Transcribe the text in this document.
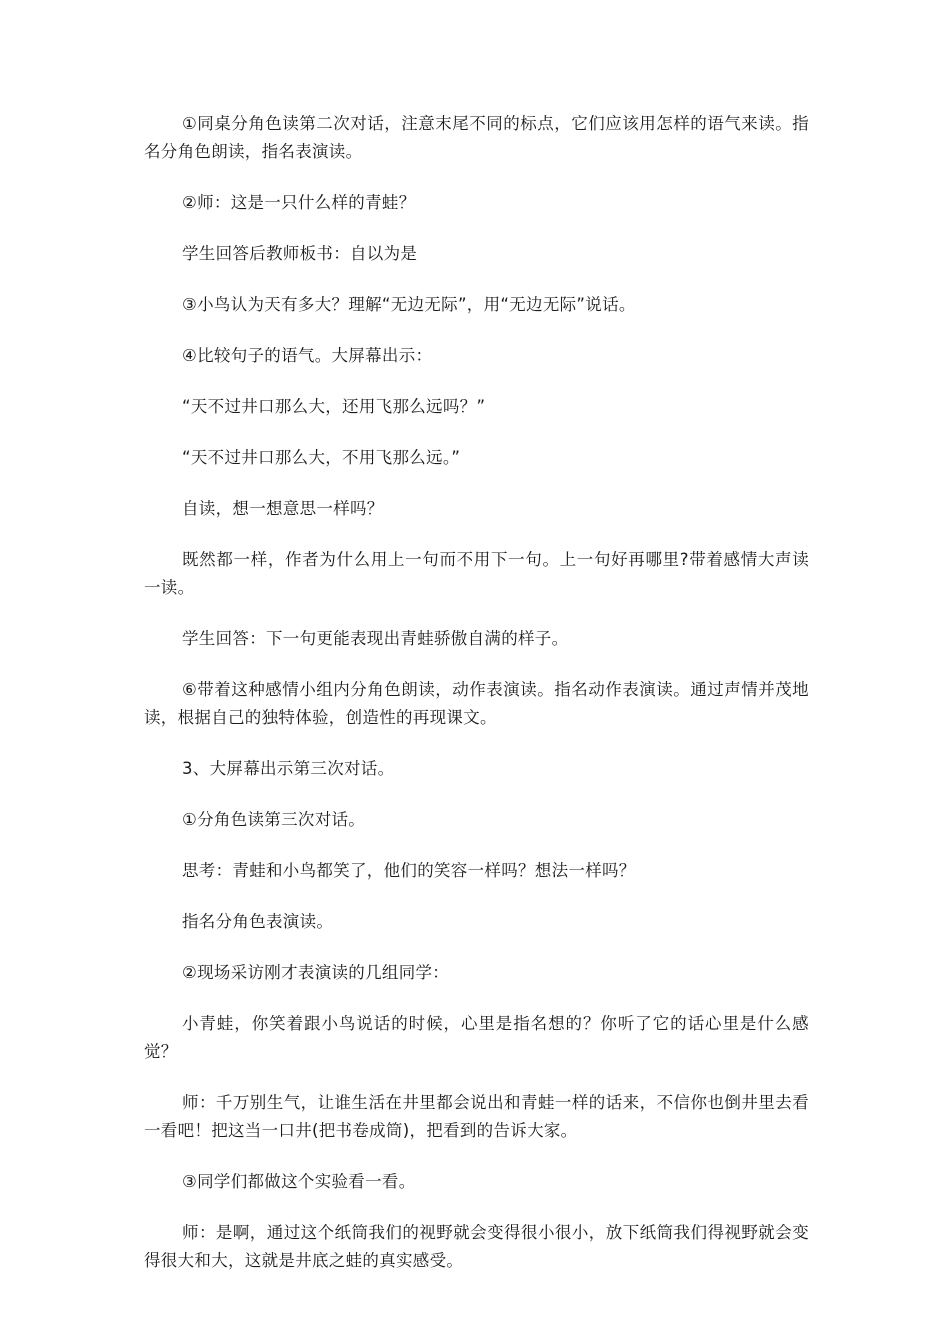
①同桌分角色读第二次对话，注意末尾不同的标点，它们应该用怎样的语气来读。指名分角色朗读，指名表演读。

②师：这是一只什么样的青蛙？

学生回答后教师板书：自以为是

③小鸟认为天有多大？理解“无边无际”，用“无边无际”说话。

④比较句子的语气。大屏幕出示：

“天不过井口那么大，还用飞那么远吗？”

“天不过井口那么大，不用飞那么远。”

自读，想一想意思一样吗？

既然都一样，作者为什么用上一句而不用下一句。上一句好再哪里?带着感情大声读一读。

学生回答：下一句更能表现出青蛙骄傲自满的样子。

⑥带着这种感情小组内分角色朗读，动作表演读。指名动作表演读。通过声情并茂地读，根据自己的独特体验，创造性的再现课文。

3、大屏幕出示第三次对话。

①分角色读第三次对话。

思考：青蛙和小鸟都笑了，他们的笑容一样吗？想法一样吗？

指名分角色表演读。

②现场采访刚才表演读的几组同学：

小青蛙，你笑着跟小鸟说话的时候，心里是指名想的？你听了它的话心里是什么感觉？

师：千万别生气，让谁生活在井里都会说出和青蛙一样的话来，不信你也倒井里去看一看吧！把这当一口井(把书卷成筒)，把看到的告诉大家。

③同学们都做这个实验看一看。

师：是啊，通过这个纸筒我们的视野就会变得很小很小，放下纸筒我们得视野就会变得很大和大，这就是井底之蛙的真实感受。
